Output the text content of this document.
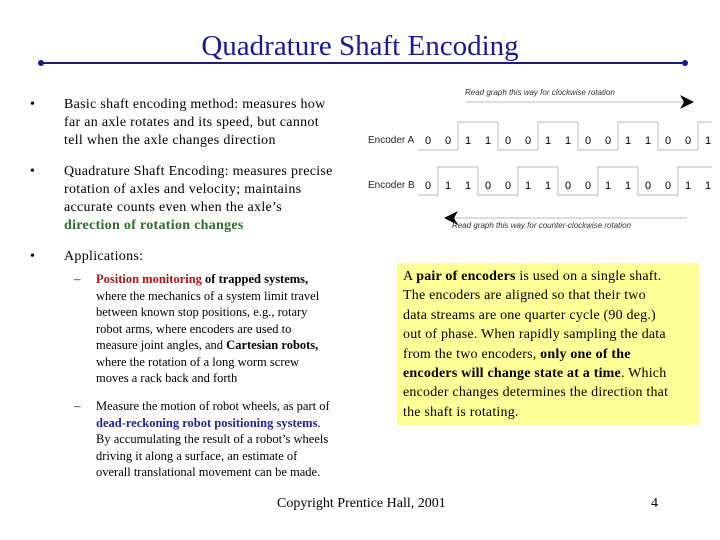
Quadrature Shaft Encoding
• Basic shaft encoding method: measures how
far an axle rotates and its speed, but cannot
tell when the axle changes direction
• Quadrature Shaft Encoding: measures precise
rotation of axles and velocity; maintains
accurate counts even when the axle’s
direction of rotation changes
• Applications:
– Position monitoring of trapped systems,
where the mechanics of a system limit travel
between known stop positions, e.g., rotary
robot arms, where encoders are used to
measure joint angles, and Cartesian robots,
where the rotation of a long worm screw
moves a rack back and forth
– Measure the motion of robot wheels, as part of
dead-reckoning robot positioning systems.
By accumulating the result of a robot’s wheels
driving it along a surface, an estimate of
overall translational movement can be made.
A pair of encoders is used on a single shaft.
The encoders are aligned so that their two
data streams are one quarter cycle (90 deg.)
out of phase. When rapidly sampling the data
from the two encoders, only one of the
encoders will change state at a time. Which
encoder changes determines the direction that
the shaft is rotating.
Read graph this way for clockwise rotation
Encoder A 0 0 1 1 0 0 1 1 0 0 1 1 0 0 1
Encoder B 0 1 1 0 0 1 1 0 0 1 1 0 0 1 1
Read graph this way for counter-clockwise rotation
Copyright Prentice Hall, 2001	4
